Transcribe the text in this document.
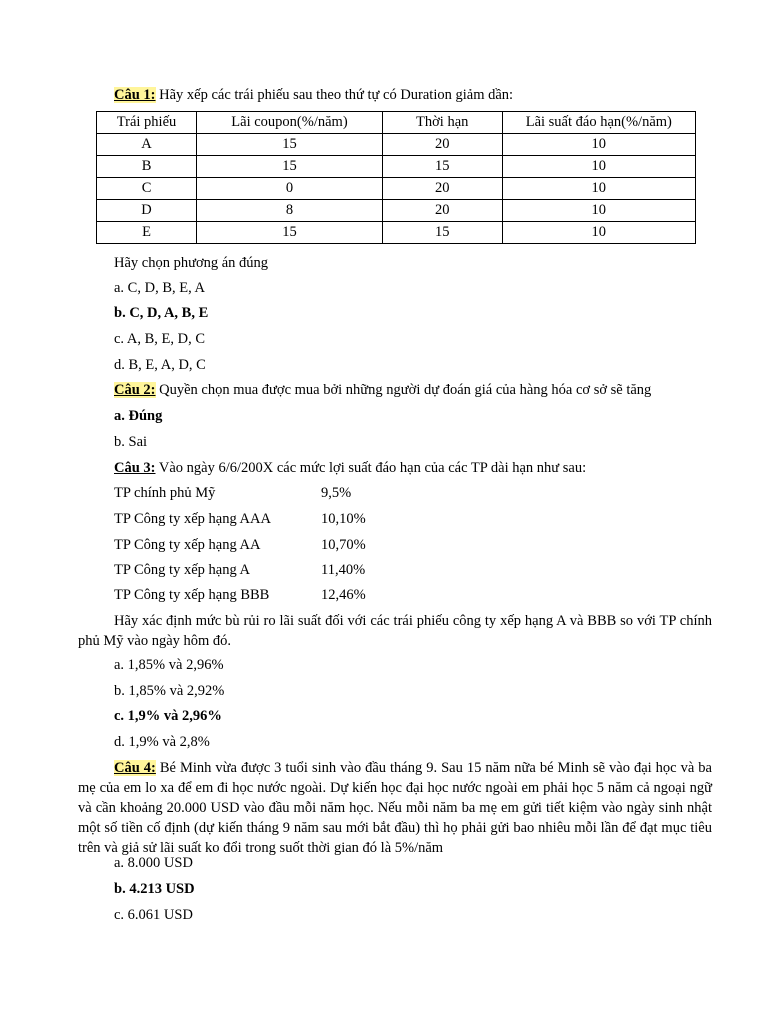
Câu 1: Hãy xếp các trái phiếu sau theo thứ tự có Duration giảm dần:
Trái phiếu	Lãi coupon(%/năm)	Thời hạn	Lãi suất đáo hạn(%/năm)
A	15	20	10
B	15	15	10
C	0	20	10
D	8	20	10
E	15	15	10
Hãy chọn phương án đúng
a. C, D, B, E, A
b. C, D, A, B, E
c. A, B, E, D, C
d. B, E, A, D, C
Câu 2: Quyền chọn mua được mua bởi những người dự đoán giá của hàng hóa cơ sở sẽ tăng
a. Đúng
b. Sai
Câu 3: Vào ngày 6/6/200X các mức lợi suất đáo hạn của các TP dài hạn như sau:
TP chính phủ Mỹ	9,5%
TP Công ty xếp hạng AAA	10,10%
TP Công ty xếp hạng AA	10,70%
TP Công ty xếp hạng A	11,40%
TP Công ty xếp hạng BBB	12,46%
Hãy xác định mức bù rủi ro lãi suất đối với các trái phiếu công ty xếp hạng A và BBB so với TP chính phủ Mỹ vào ngày hôm đó.
a. 1,85% và 2,96%
b. 1,85% và 2,92%
c. 1,9% và 2,96%
d. 1,9% và 2,8%
Câu 4: Bé Minh vừa được 3 tuổi sinh vào đầu tháng 9. Sau 15 năm nữa bé Minh sẽ vào đại học và ba mẹ của em lo xa để em đi học nước ngoài. Dự kiến học đại học nước ngoài em phải học 5 năm cả ngoại ngữ và cần khoảng 20.000 USD vào đầu mỗi năm học. Nếu mỗi năm ba mẹ em gửi tiết kiệm vào ngày sinh nhật một số tiền cố định (dự kiến tháng 9 năm sau mới bắt đầu) thì họ phải gửi bao nhiêu mỗi lần để đạt mục tiêu trên và giả sử lãi suất ko đổi trong suốt thời gian đó là 5%/năm
a. 8.000 USD
b. 4.213 USD
c. 6.061 USD
